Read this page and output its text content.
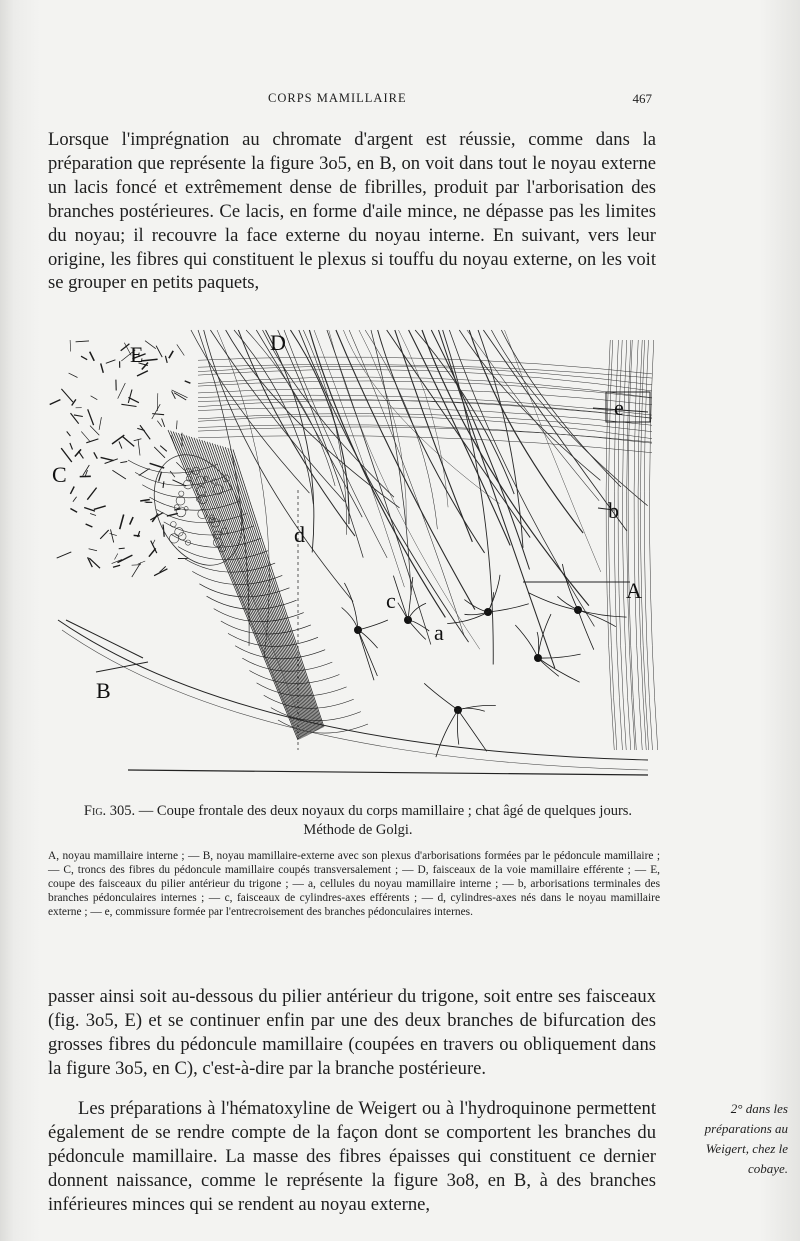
CORPS MAMILLAIRE	467

Lorsque l'imprégnation au chromate d'argent est réussie, comme dans la préparation que représente la figure 3o5, en B, on voit dans tout le noyau externe un lacis foncé et extrêmement dense de fibrilles, produit par l'arborisation des branches postérieures. Ce lacis, en forme d'aile mince, ne dépasse pas les limites du noyau; il recouvre la face externe du noyau interne. En suivant, vers leur origine, les fibres qui constituent le plexus si touffu du noyau externe, on les voit se grouper en petits paquets,

E	D
e
C
b
d
c	A
a
B

Fig. 305. — Coupe frontale des deux noyaux du corps mamillaire ; chat âgé de quelques jours. Méthode de Golgi.

A, noyau mamillaire interne ; — B, noyau mamillaire-externe avec son plexus d'arborisations formées par le pédoncule mamillaire ; — C, troncs des fibres du pédoncule mamillaire coupés transversalement ; — D, faisceaux de la voie mamillaire efférente ; — E, coupe des faisceaux du pilier antérieur du trigone ; — a, cellules du noyau mamillaire interne ; — b, arborisations terminales des branches pédonculaires internes ; — c, faisceaux de cylindres-axes efférents ; — d, cylindres-axes nés dans le noyau mamillaire externe ; — e, commissure formée par l'entrecroisement des branches pédonculaires internes.

passer ainsi soit au-dessous du pilier antérieur du trigone, soit entre ses faisceaux (fig. 3o5, E) et se continuer enfin par une des deux branches de bifurcation des grosses fibres du pédoncule mamillaire (coupées en travers ou obliquement dans la figure 3o5, en C), c'est-à-dire par la branche postérieure.

Les préparations à l'hématoxyline de Weigert ou à l'hydroquinone permettent également de se rendre compte de la façon dont se comportent les branches du pédoncule mamillaire. La masse des fibres épaisses qui constituent ce dernier donnent naissance, comme le représente la figure 3o8, en B, à des branches inférieures minces qui se rendent au noyau externe,

2° dans les préparations au Weigert, chez le cobaye.
